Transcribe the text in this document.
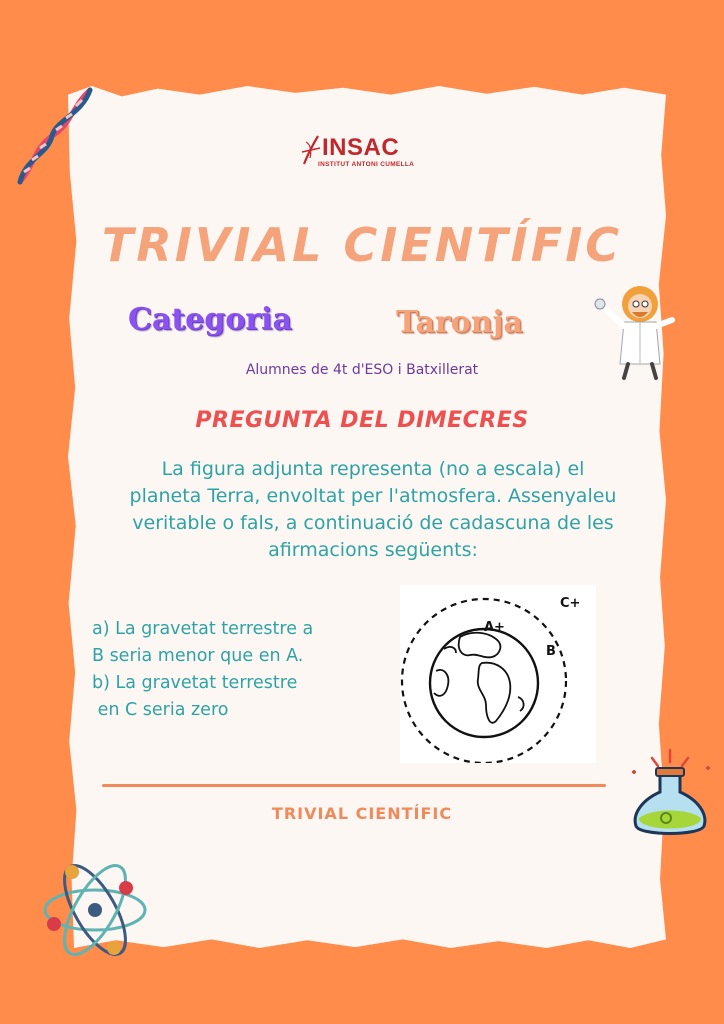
INSAC
INSTITUT ANTONI CUMELLA
TRIVIAL CIENTÍFIC
Categoria	Taronja
Alumnes de 4t d'ESO i Batxillerat
PREGUNTA DEL DIMECRES
La figura adjunta representa (no a escala) el
planeta Terra, envoltat per l'atmosfera. Assenyaleu
veritable o fals, a continuació de cadascuna de les
afirmacions següents:
a) La gravetat terrestre a
B seria menor que en A.
b) La gravetat terrestre
en C seria zero
A+
B
C+
TRIVIAL CIENTÍFIC
